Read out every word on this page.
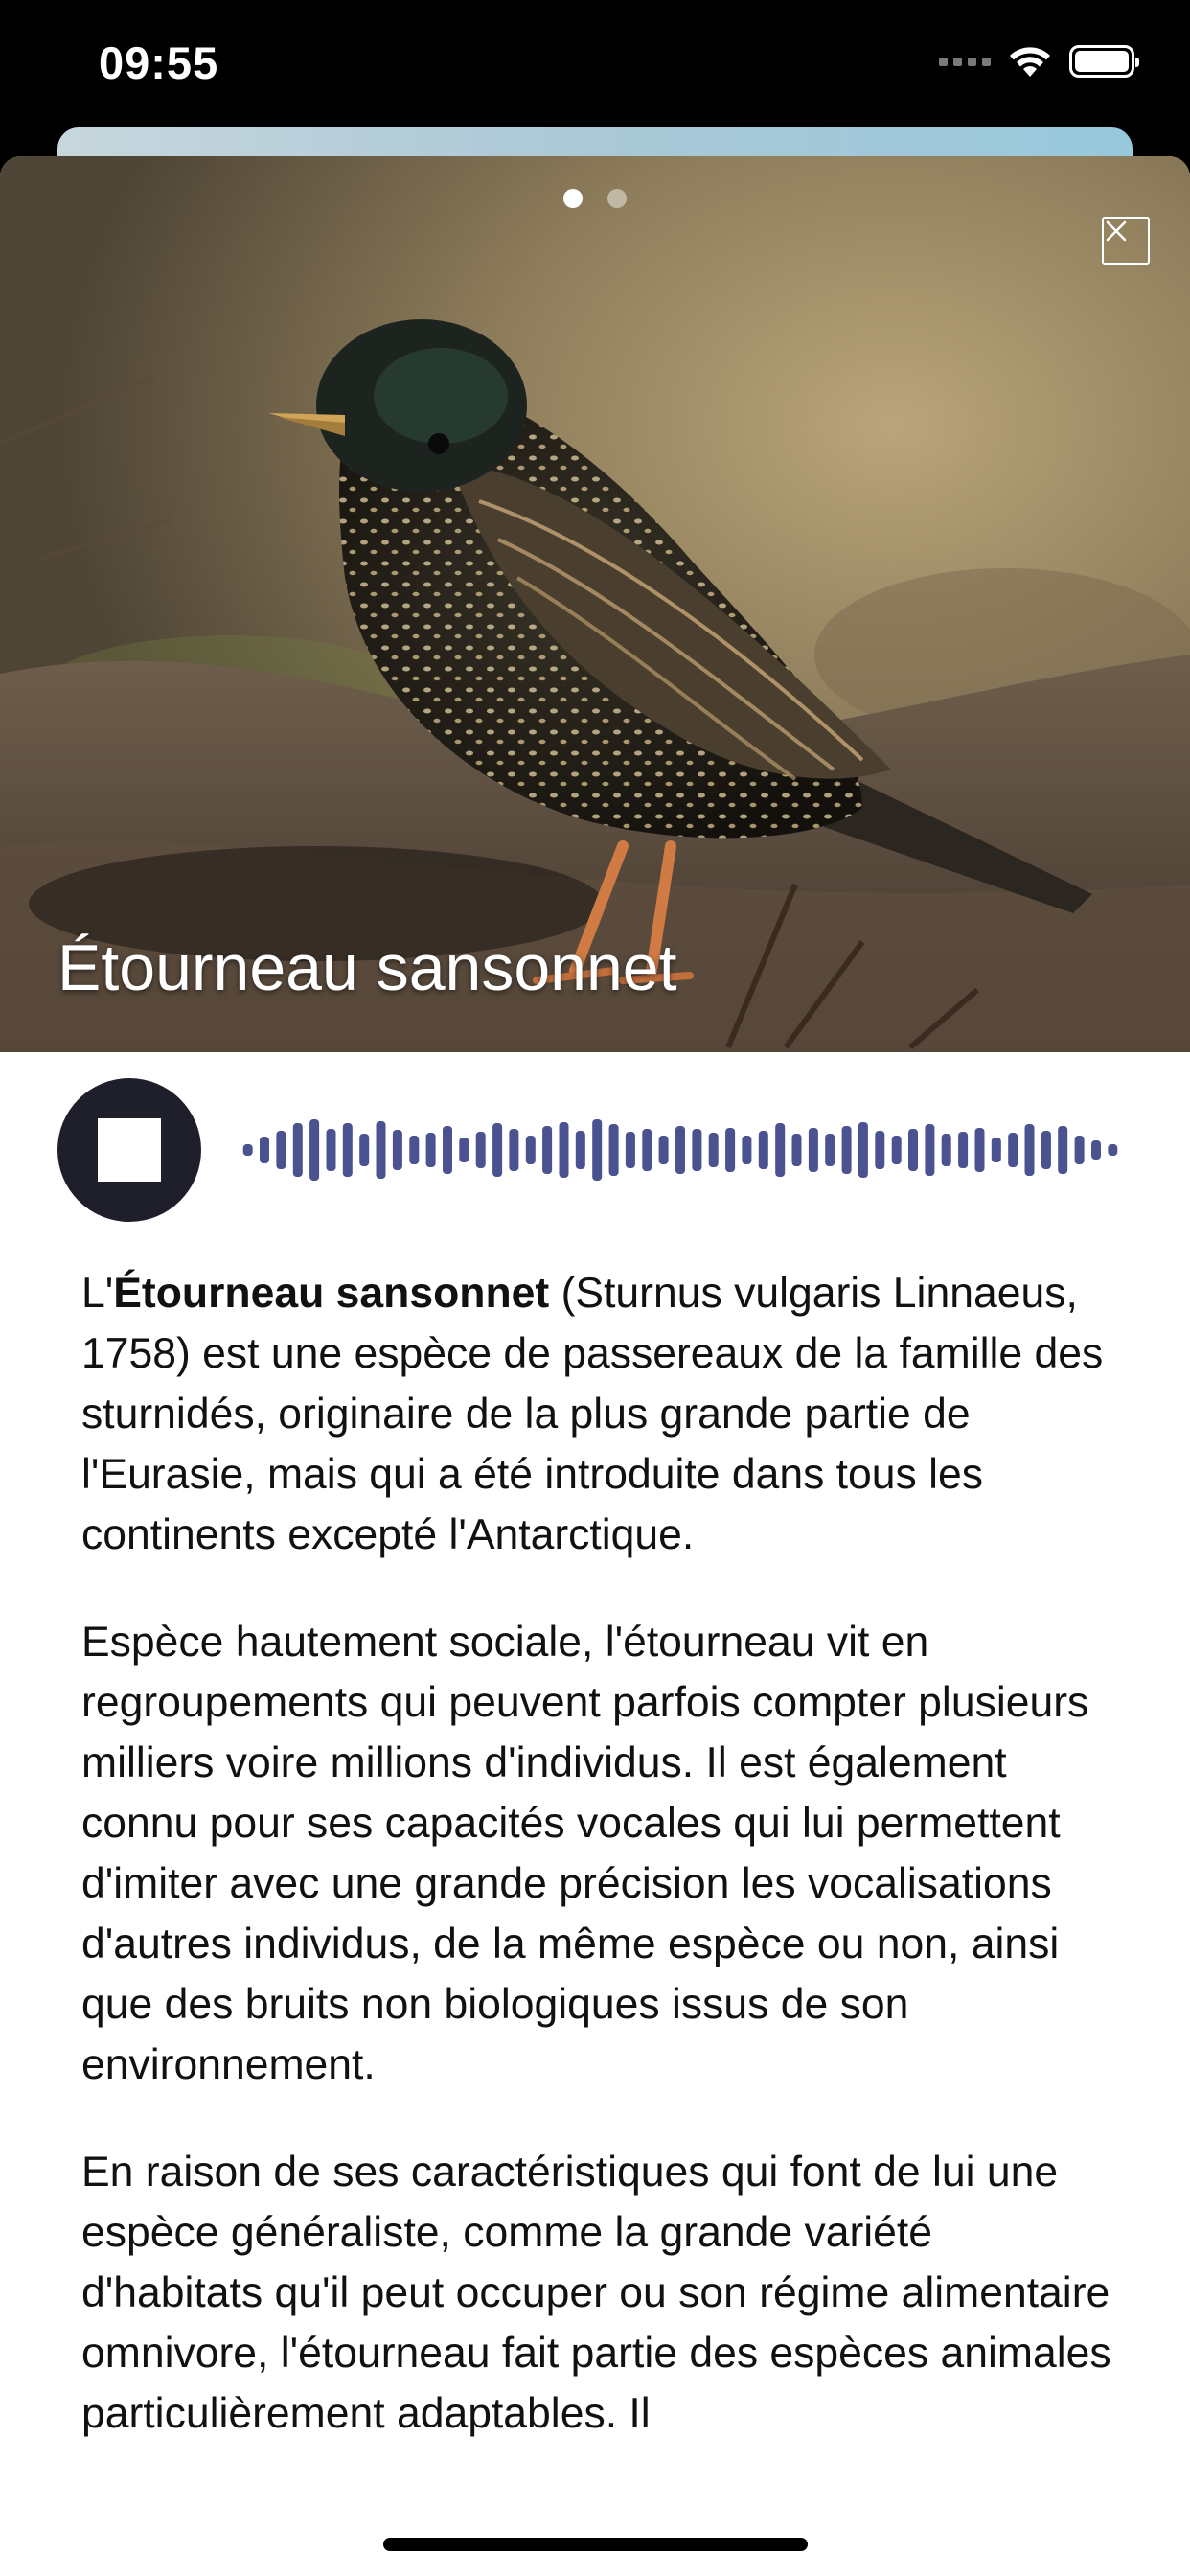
09:55
Étourneau sansonnet

L'Étourneau sansonnet (Sturnus vulgaris Linnaeus, 1758) est une espèce de passereaux de la famille des sturnidés, originaire de la plus grande partie de l'Eurasie, mais qui a été introduite dans tous les continents excepté l'Antarctique.

Espèce hautement sociale, l'étourneau vit en regroupements qui peuvent parfois compter plusieurs milliers voire millions d'individus. Il est également connu pour ses capacités vocales qui lui permettent d'imiter avec une grande précision les vocalisations d'autres individus, de la même espèce ou non, ainsi que des bruits non biologiques issus de son environnement.

En raison de ses caractéristiques qui font de lui une espèce généraliste, comme la grande variété d'habitats qu'il peut occuper ou son régime alimentaire omnivore, l'étourneau fait partie des espèces animales particulièrement adaptables. Il
